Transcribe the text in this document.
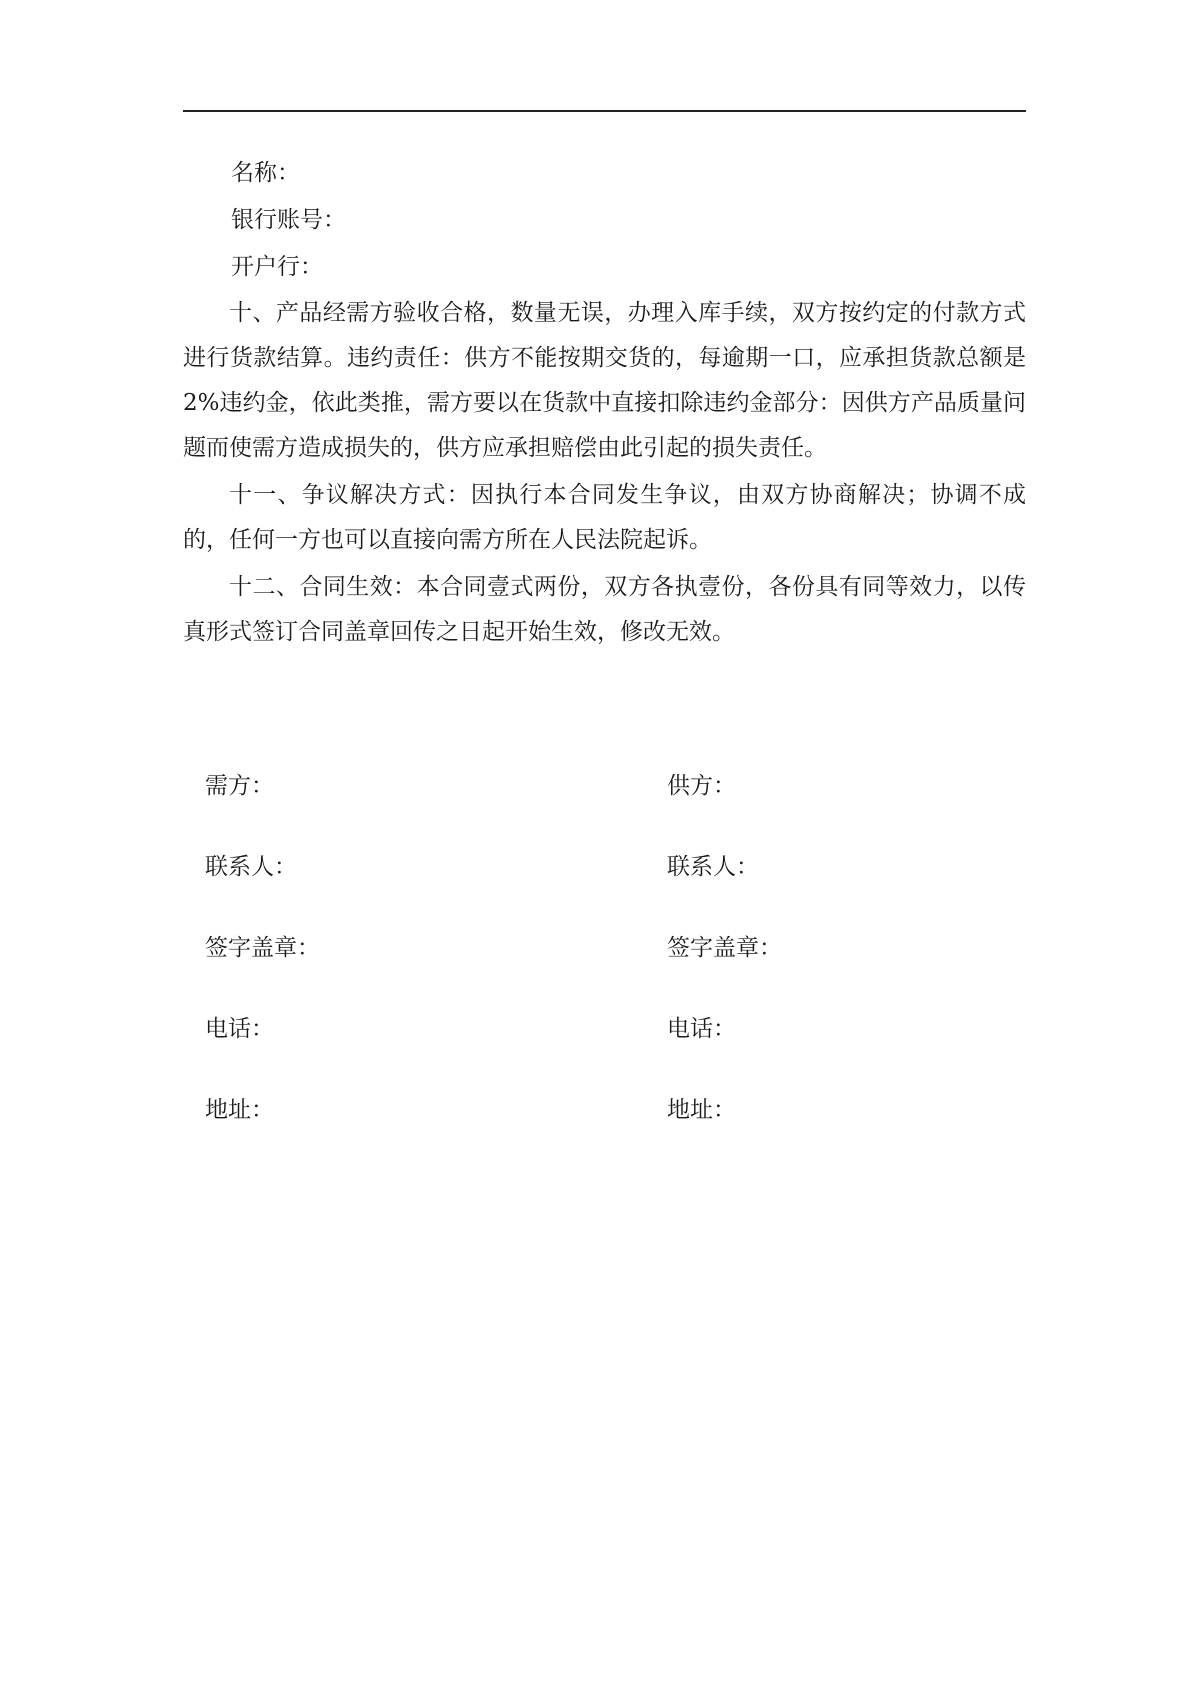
名称：

银行账号：

开户行：

十、产品经需方验收合格，数量无误，办理入库手续，双方按约定的付款方式进行货款结算。违约责任：供方不能按期交货的，每逾期一口，应承担货款总额是 2%违约金，依此类推，需方要以在货款中直接扣除违约金部分：因供方产品质量问题而使需方造成损失的，供方应承担赔偿由此引起的损失责任。

十一、争议解决方式：因执行本合同发生争议，由双方协商解决；协调不成的，任何一方也可以直接向需方所在人民法院起诉。

十二、合同生效：本合同壹式两份，双方各执壹份，各份具有同等效力，以传真形式签订合同盖章回传之日起开始生效，修改无效。

需方：
联系人：
签字盖章：
电话：
地址：
供方：
联系人：
签字盖章：
电话：
地址：
